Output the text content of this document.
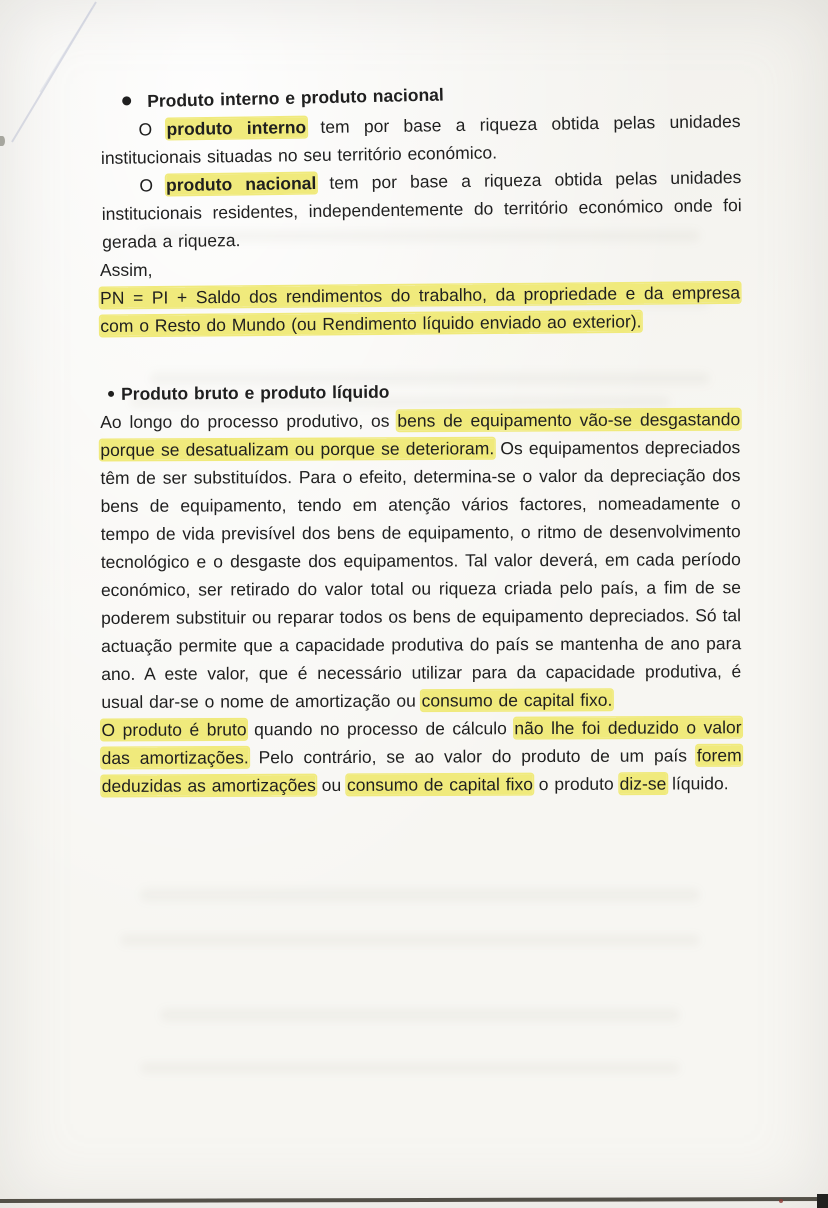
Produto interno e produto nacional

O produto interno tem por base a riqueza obtida pelas unidades institucionais situadas no seu território económico.

O produto nacional tem por base a riqueza obtida pelas unidades institucionais residentes, independentemente do território económico onde foi gerada a riqueza.

Assim,

PN = PI + Saldo dos rendimentos do trabalho, da propriedade e da empresa com o Resto do Mundo (ou Rendimento líquido enviado ao exterior).

Produto bruto e produto líquido

Ao longo do processo produtivo, os bens de equipamento vão-se desgastando porque se desatualizam ou porque se deterioram. Os equipamentos depreciados têm de ser substituídos. Para o efeito, determina-se o valor da depreciação dos bens de equipamento, tendo em atenção vários factores, nomeadamente o tempo de vida previsível dos bens de equipamento, o ritmo de desenvolvimento tecnológico e o desgaste dos equipamentos. Tal valor deverá, em cada período económico, ser retirado do valor total ou riqueza criada pelo país, a fim de se poderem substituir ou reparar todos os bens de equipamento depreciados. Só tal actuação permite que a capacidade produtiva do país se mantenha de ano para ano. A este valor, que é necessário utilizar para da capacidade produtiva, é usual dar-se o nome de amortização ou consumo de capital fixo.

O produto é bruto quando no processo de cálculo não lhe foi deduzido o valor das amortizações. Pelo contrário, se ao valor do produto de um país forem deduzidas as amortizações ou consumo de capital fixo o produto diz-se líquido.
